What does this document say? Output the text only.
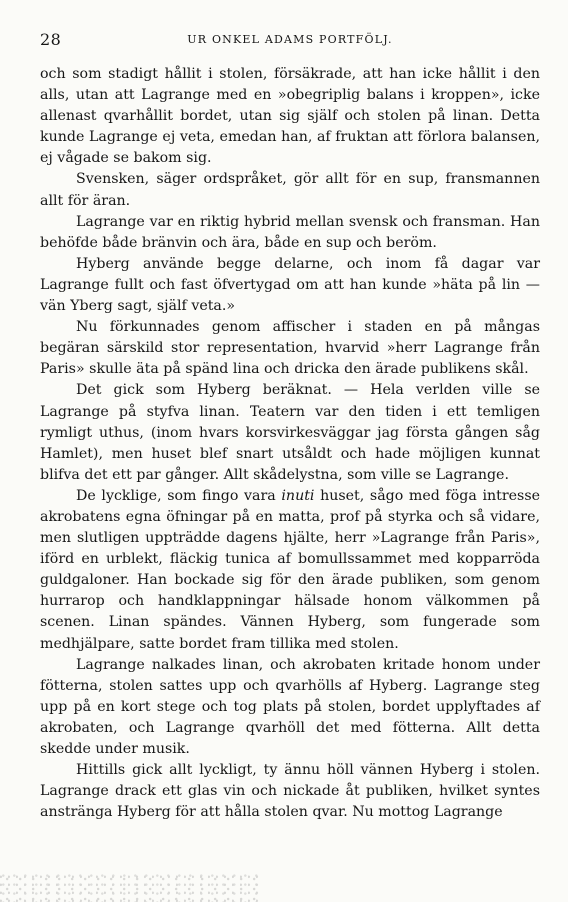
28	UR ONKEL ADAMS PORTFÖLJ.

och som stadigt hållit i stolen, försäkrade, att han icke hållit i den alls, utan att Lagrange med en »obegriplig balans i kroppen», icke allenast qvarhållit bordet, utan sig själf och stolen på linan. Detta kunde Lagrange ej veta, emedan han, af fruktan att förlora balansen, ej vågade se bakom sig.

Svensken, säger ordspråket, gör allt för en sup, fransmannen allt för äran.

Lagrange var en riktig hybrid mellan svensk och fransman. Han behöfde både bränvin och ära, både en sup och beröm.

Hyberg använde begge delarne, och inom få dagar var Lagrange fullt och fast öfvertygad om att han kunde »häta på lin — vän Yberg sagt, själf veta.»

Nu förkunnades genom affischer i staden en på mångas begäran särskild stor representation, hvarvid »herr Lagrange från Paris» skulle äta på spänd lina och dricka den ärade publikens skål.

Det gick som Hyberg beräknat. — Hela verlden ville se Lagrange på styfva linan. Teatern var den tiden i ett temligen rymligt uthus, (inom hvars korsvirkesväggar jag första gången såg Hamlet), men huset blef snart utsåldt och hade möjligen kunnat blifva det ett par gånger. Allt skådelystna, som ville se Lagrange.

De lycklige, som fingo vara inuti huset, sågo med föga intresse akrobatens egna öfningar på en matta, prof på styrka och så vidare, men slutligen uppträdde dagens hjälte, herr »Lagrange från Paris», iförd en urblekt, fläckig tunica af bomullssammet med kopparröda guldgaloner. Han bockade sig för den ärade publiken, som genom hurrarop och handklappningar hälsade honom välkommen på scenen. Linan spändes. Vännen Hyberg, som fungerade som medhjälpare, satte bordet fram tillika med stolen.

Lagrange nalkades linan, och akrobaten kritade honom under fötterna, stolen sattes upp och qvarhölls af Hyberg. Lagrange steg upp på en kort stege och tog plats på stolen, bordet upplyftades af akrobaten, och Lagrange qvarhöll det med fötterna. Allt detta skedde under musik.

Hittills gick allt lyckligt, ty ännu höll vännen Hyberg i stolen. Lagrange drack ett glas vin och nickade åt publiken, hvilket syntes anstränga Hyberg för att hålla stolen qvar. Nu mottog Lagrange
